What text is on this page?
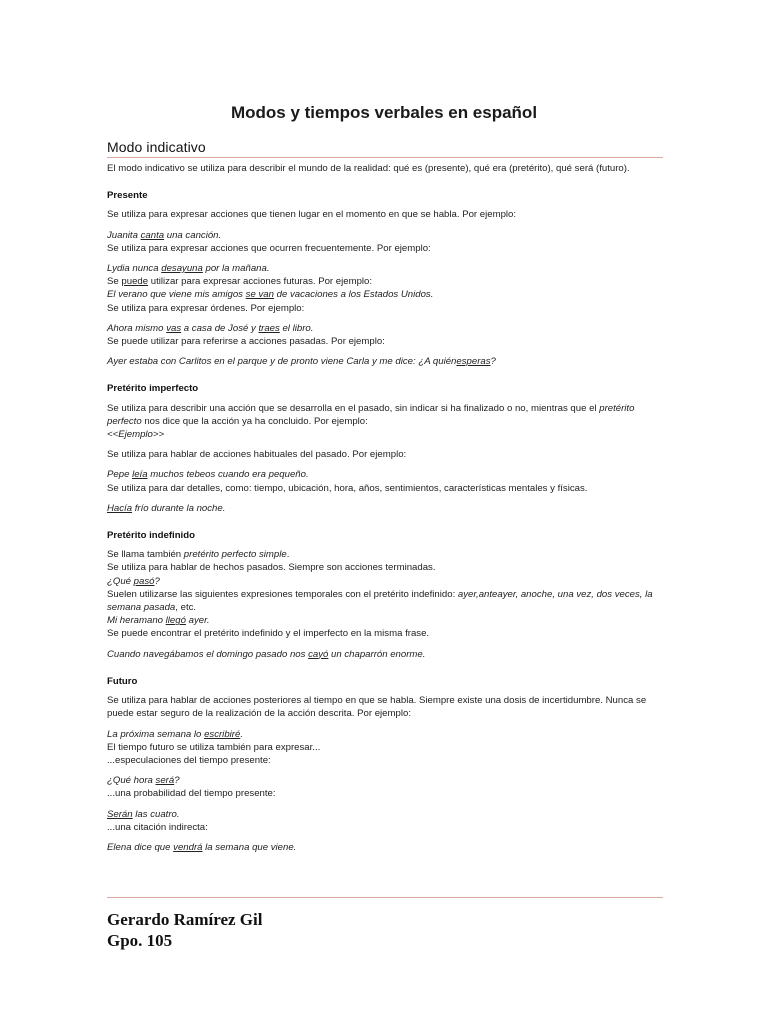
Modos y tiempos verbales en español
Modo indicativo

El modo indicativo se utiliza para describir el mundo de la realidad: qué es (presente), qué era (pretérito), qué será (futuro).

Presente

Se utiliza para expresar acciones que tienen lugar en el momento en que se habla. Por ejemplo:

Juanita canta una canción.

Se utiliza para expresar acciones que ocurren frecuentemente. Por ejemplo:

Lydia nunca desayuna por la mañana.

Se puede utilizar para expresar acciones futuras. Por ejemplo:

El verano que viene mis amigos se van de vacaciones a los Estados Unidos.

Se utiliza para expresar órdenes. Por ejemplo:

Ahora mismo vas a casa de José y traes el libro.

Se puede utilizar para referirse a acciones pasadas. Por ejemplo:

Ayer estaba con Carlitos en el parque y de pronto viene Carla y me dice: ¿A quiénesperas?

Pretérito imperfecto

Se utiliza para describir una acción que se desarrolla en el pasado, sin indicar si ha finalizado o no, mientras que el pretérito perfecto nos dice que la acción ya ha concluido. Por ejemplo:

<<Ejemplo>>

Se utiliza para hablar de acciones habituales del pasado. Por ejemplo:

Pepe leía muchos tebeos cuando era pequeño.

Se utiliza para dar detalles, como: tiempo, ubicación, hora, años, sentimientos, características mentales y físicas.

Hacía frío durante la noche.

Pretérito indefinido

Se llama también pretérito perfecto simple.

Se utiliza para hablar de hechos pasados. Siempre son acciones terminadas.

¿Qué pasó?

Suelen utilizarse las siguientes expresiones temporales con el pretérito indefinido: ayer,anteayer, anoche, una vez, dos veces, la semana pasada, etc.

Mi heramano llegó ayer.

Se puede encontrar el pretérito indefinido y el imperfecto en la misma frase.

Cuando navegábamos el domingo pasado nos cayó un chaparrón enorme.

Futuro

Se utiliza para hablar de acciones posteriores al tiempo en que se habla. Siempre existe una dosis de incertidumbre. Nunca se puede estar seguro de la realización de la acción descrita. Por ejemplo:

La próxima semana lo escribiré.

El tiempo futuro se utiliza también para expresar...

...especulaciones del tiempo presente:

¿Qué hora será?

...una probabilidad del tiempo presente:

Serán las cuatro.

...una citación indirecta:

Elena dice que vendrá la semana que viene.

Gerardo Ramírez Gil
Gpo. 105
